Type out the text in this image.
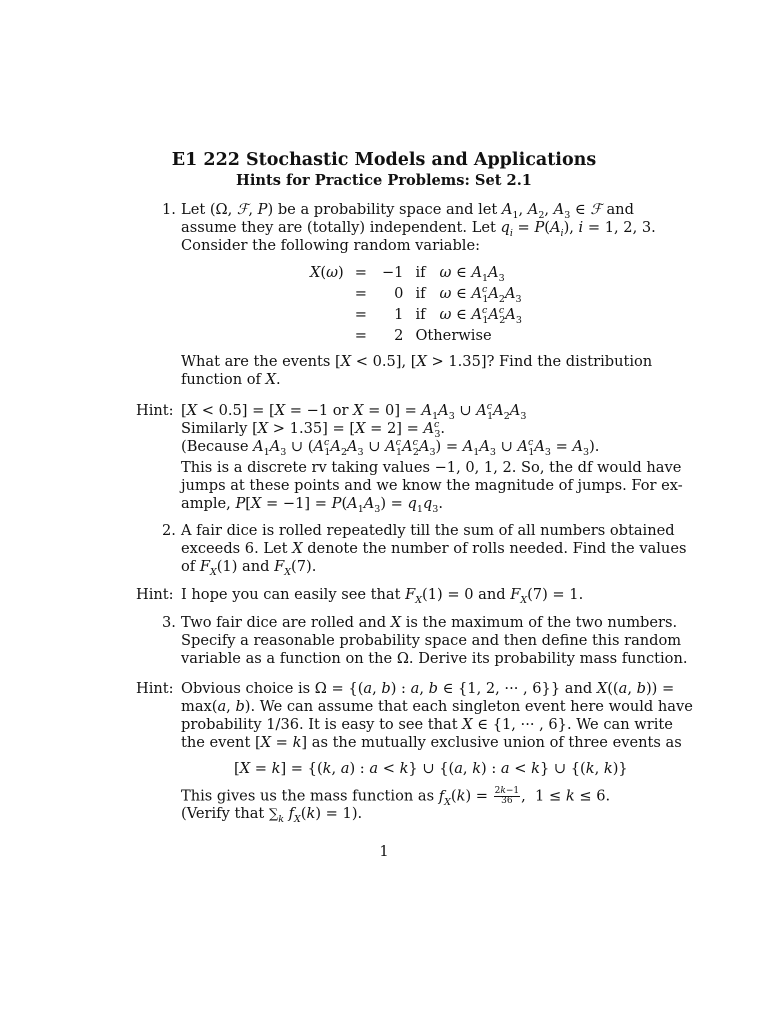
E1 222 Stochastic Models and Applications
Hints for Practice Problems: Set 2.1
1. Let (Ω, ℱ, P) be a probability space and let $A_1$, $A_2$, $A_3$ ∈ ℱ and
assume they are (totally) independent. Let $q_i = P(A_i)$, i = 1, 2, 3.
Consider the following random variable:
X(ω)	=	−1	if   ω ∈ $A_1A_3$
	=	0	if   ω ∈ $A^c_1A_2A_3$
	=	1	if   ω ∈ $A^c_1A^c_2A_3$
	=	2	Otherwise
What are the events [X < 0.5], [X > 1.35]? Find the distribution
function of X.
Hint: [X < 0.5] = [X = −1 or $X = 0] = A_1A_3$ ∪ $A^c_1A_2A_3$
Similarly $[X > 1.35] = [X = 2] = A^c_3$.
(Because $A_1A_3$ ∪ ($A^c_1A_2A_3$ ∪ $A^c_1A^c_2A_3) = A_1A_3$ ∪ $A^c_1A_3 = A_3$).
This is a discrete rv taking values −1, 0, 1, 2. So, the df would have
jumps at these points and we know the magnitude of jumps. For ex-
ample, $P[X = -1] = P(A_1A_3) = q_1q_3$.
2. A fair dice is rolled repeatedly till the sum of all numbers obtained
exceeds 6. Let X denote the number of rolls needed. Find the values
of $F_X(1)$ and $F_X(7)$.
Hint: I hope you can easily see that $F_X(1) = 0$ and $F_X(7) = 1$.
3. Two fair dice are rolled and X is the maximum of the two numbers.
Specify a reasonable probability space and then define this random
variable as a function on the Ω. Derive its probability mass function.
Hint: Obvious choice is Ω = {(a, b) : a, b ∈ {1, 2, ··· , 6}} and X((a, b)) =
max(a, b). We can assume that each singleton event here would have
probability 1/36. It is easy to see that X ∈ {1, ··· , 6}. We can write
the event [X = k] as the mutually exclusive union of three events as
[X = k] = {(k, a) : a < k} ∪ {(a, k) : a < k} ∪ {(k, k)}
This gives us the mass function as $f_X(k) = \frac{2k-1}{36}$ ,  1 ≤ k ≤ 6.
(Verify that $\sum_k$ $f_X(k) = 1$).
1
